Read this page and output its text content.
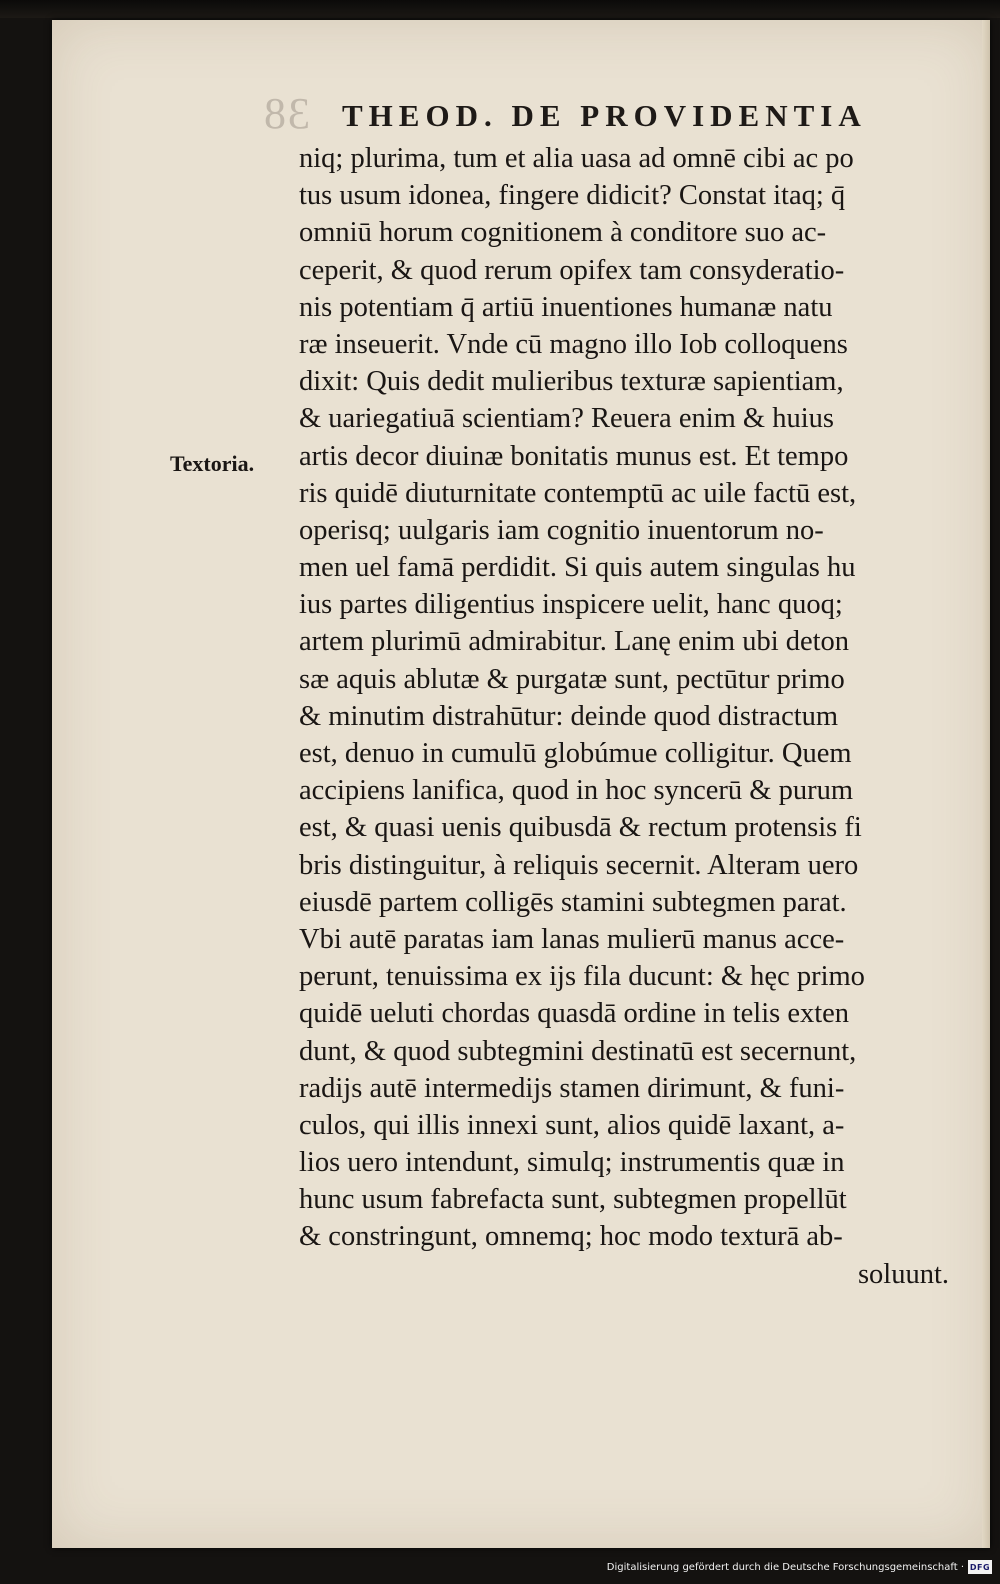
38 THEOD. DE PROVIDENTIA
Textoria.
niq; plurima, tum et alia uasa ad omnē cibi ac po
tus usum idonea, fingere didicit? Constat itaq; q̄
omniū horum cognitionem à conditore suo ac-
ceperit, & quod rerum opifex tam consyderatio-
nis potentiam q̄ artiū inuentiones humanæ natu
ræ inseuerit. Vnde cū magno illo Iob colloquens
dixit: Quis dedit mulieribus texturæ sapientiam,
& uariegatiuā scientiam? Reuera enim & huius
artis decor diuinæ bonitatis munus est. Et tempo
ris quidē diuturnitate contemptū ac uile factū est,
operisq; uulgaris iam cognitio inuentorum no-
men uel famā perdidit. Si quis autem singulas hu
ius partes diligentius inspicere uelit, hanc quoq;
artem plurimū admirabitur. Lanę enim ubi deton
sæ aquis ablutæ & purgatæ sunt, pectūtur primo
& minutim distrahūtur: deinde quod distractum
est, denuo in cumulū globúmue colligitur. Quem
accipiens lanifica, quod in hoc syncerū & purum
est, & quasi uenis quibusdā & rectum protensis fi
bris distinguitur, à reliquis secernit. Alteram uero
eiusdē partem colligēs stamini subtegmen parat.
Vbi autē paratas iam lanas mulierū manus acce-
perunt, tenuissima ex ijs fila ducunt: & hęc primo
quidē ueluti chordas quasdā ordine in telis exten
dunt, & quod subtegmini destinatū est secernunt,
radijs autē intermedijs stamen dirimunt, & funi-
culos, qui illis innexi sunt, alios quidē laxant, a-
lios uero intendunt, simulq; instrumentis quæ in
hunc usum fabrefacta sunt, subtegmen propellūt
& constringunt, omnemq; hoc modo texturā ab-
soluunt.
Digitalisierung gefördert durch die Deutsche Forschungsgemeinschaft · DFG
